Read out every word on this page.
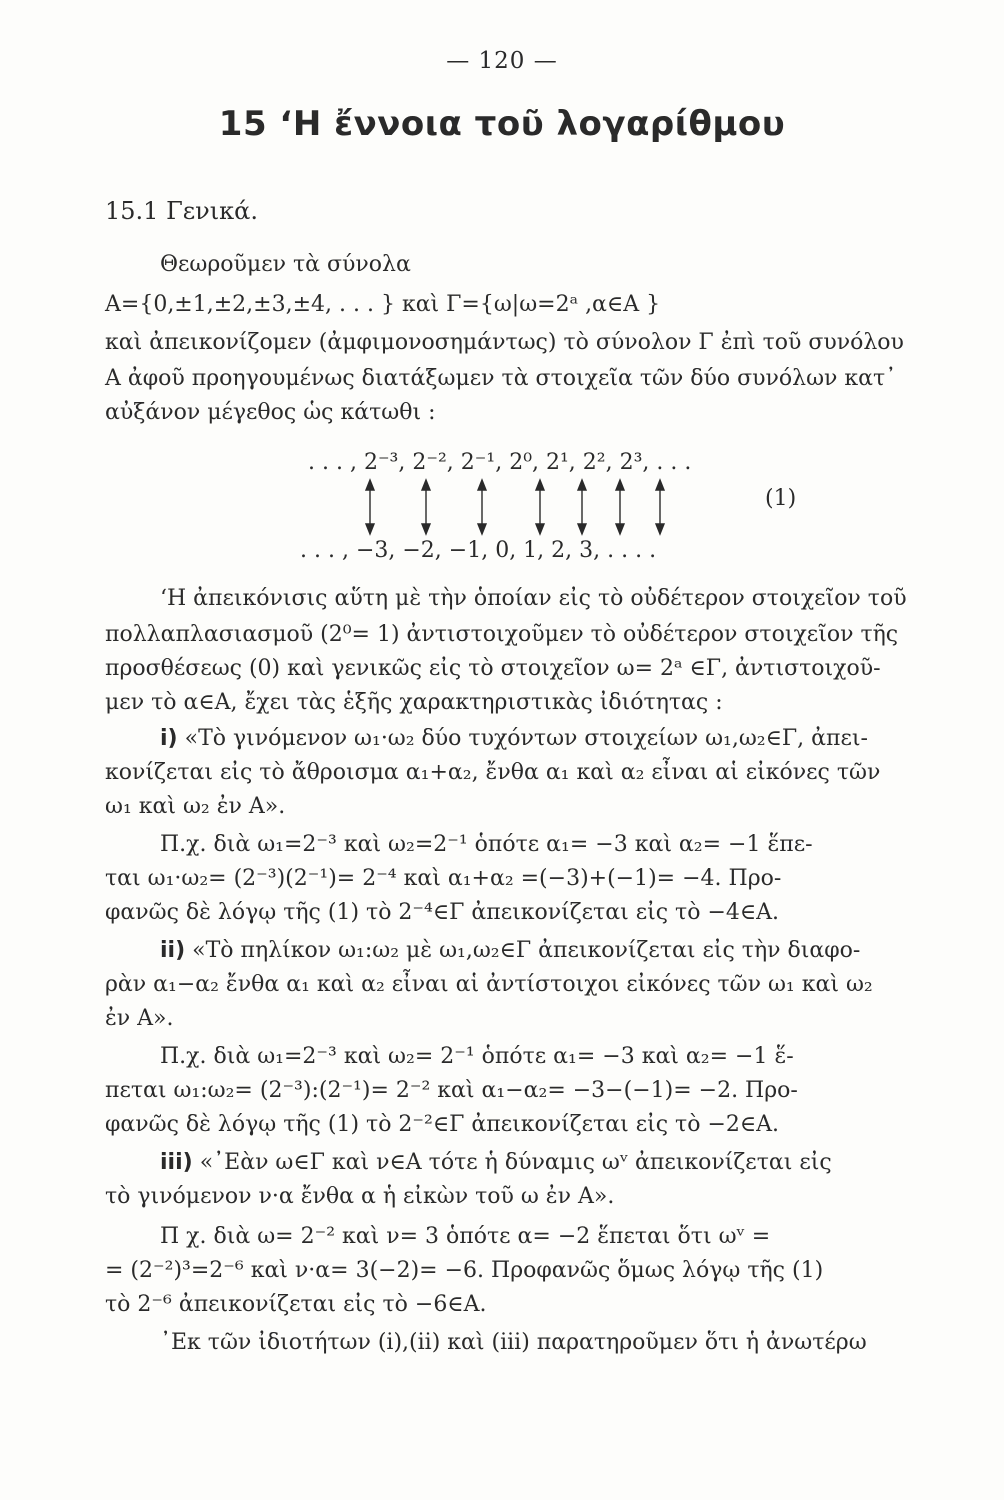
— 120 —
15 ‘Η ἔννοια τοῦ λογαρίθμου
15.1 Γενικά.
Θεωροῦμεν τὰ σύνολα
A={0,±1,±2,±3,±4, . . . } καὶ Γ={ω|ω=2ᵃ ,α∈A }
καὶ ἀπεικονίζομεν (ἀμφιμονοσημάντως) τὸ σύνολον Γ ἐπὶ τοῦ συνόλου
A ἀφοῦ προηγουμένως διατάξωμεν τὰ στοιχεῖα τῶν δύο συνόλων κατ᾽
αὐξάνον μέγεθος ὡς κάτωθι :
. . . , 2⁻³, 2⁻², 2⁻¹, 2⁰, 2¹, 2², 2³, . . .
(1)
. . . , −3, −2, −1, 0, 1, 2, 3, . . . .
‘Η ἀπεικόνισις αὕτη μὲ τὴν ὁποίαν εἰς τὸ οὐδέτερον στοιχεῖον τοῦ
πολλαπλασιασμοῦ (2⁰= 1) ἀντιστοιχοῦμεν τὸ οὐδέτερον στοιχεῖον τῆς
προσθέσεως (0) καὶ γενικῶς εἰς τὸ στοιχεῖον ω= 2ᵃ ∈Γ, ἀντιστοιχοῦ-
μεν τὸ α∈A, ἔχει τὰς ἑξῆς χαρακτηριστικὰς ἰδιότητας :
i) «Τὸ γινόμενον ω₁·ω₂ δύο τυχόντων στοιχείων ω₁,ω₂∈Γ, ἀπει-
κονίζεται εἰς τὸ ἄθροισμα α₁+α₂, ἔνθα α₁ καὶ α₂ εἶναι αἱ εἰκόνες τῶν
ω₁ καὶ ω₂ ἐν A».
Π.χ. διὰ ω₁=2⁻³ καὶ ω₂=2⁻¹ ὁπότε α₁= −3 καὶ α₂= −1 ἕπε-
ται ω₁·ω₂= (2⁻³)(2⁻¹)= 2⁻⁴ καὶ α₁+α₂ =(−3)+(−1)= −4. Προ-
φανῶς δὲ λόγῳ τῆς (1) τὸ 2⁻⁴∈Γ ἀπεικονίζεται εἰς τὸ −4∈A.
ii) «Τὸ πηλίκον ω₁:ω₂ μὲ ω₁,ω₂∈Γ ἀπεικονίζεται εἰς τὴν διαφο-
ρὰν α₁−α₂ ἔνθα α₁ καὶ α₂ εἶναι αἱ ἀντίστοιχοι εἰκόνες τῶν ω₁ καὶ ω₂
ἐν A».
Π.χ. διὰ ω₁=2⁻³ καὶ ω₂= 2⁻¹ ὁπότε α₁= −3 καὶ α₂= −1 ἕ-
πεται ω₁:ω₂= (2⁻³):(2⁻¹)= 2⁻² καὶ α₁−α₂= −3−(−1)= −2. Προ-
φανῶς δὲ λόγῳ τῆς (1) τὸ 2⁻²∈Γ ἀπεικονίζεται εἰς τὸ −2∈A.
iii) «᾽Εὰν ω∈Γ καὶ ν∈A τότε ἡ δύναμις ωᵛ ἀπεικονίζεται εἰς
τὸ γινόμενον ν·α ἔνθα α ἡ εἰκὼν τοῦ ω ἐν A».
Π χ. διὰ ω= 2⁻² καὶ ν= 3 ὁπότε α= −2 ἕπεται ὅτι ωᵛ =
= (2⁻²)³=2⁻⁶ καὶ ν·α= 3(−2)= −6. Προφανῶς ὅμως λόγῳ τῆς (1)
τὸ 2⁻⁶ ἀπεικονίζεται εἰς τὸ −6∈A.
᾽Εκ τῶν ἰδιοτήτων (i),(ii) καὶ (iii) παρατηροῦμεν ὅτι ἡ ἀνωτέρω
